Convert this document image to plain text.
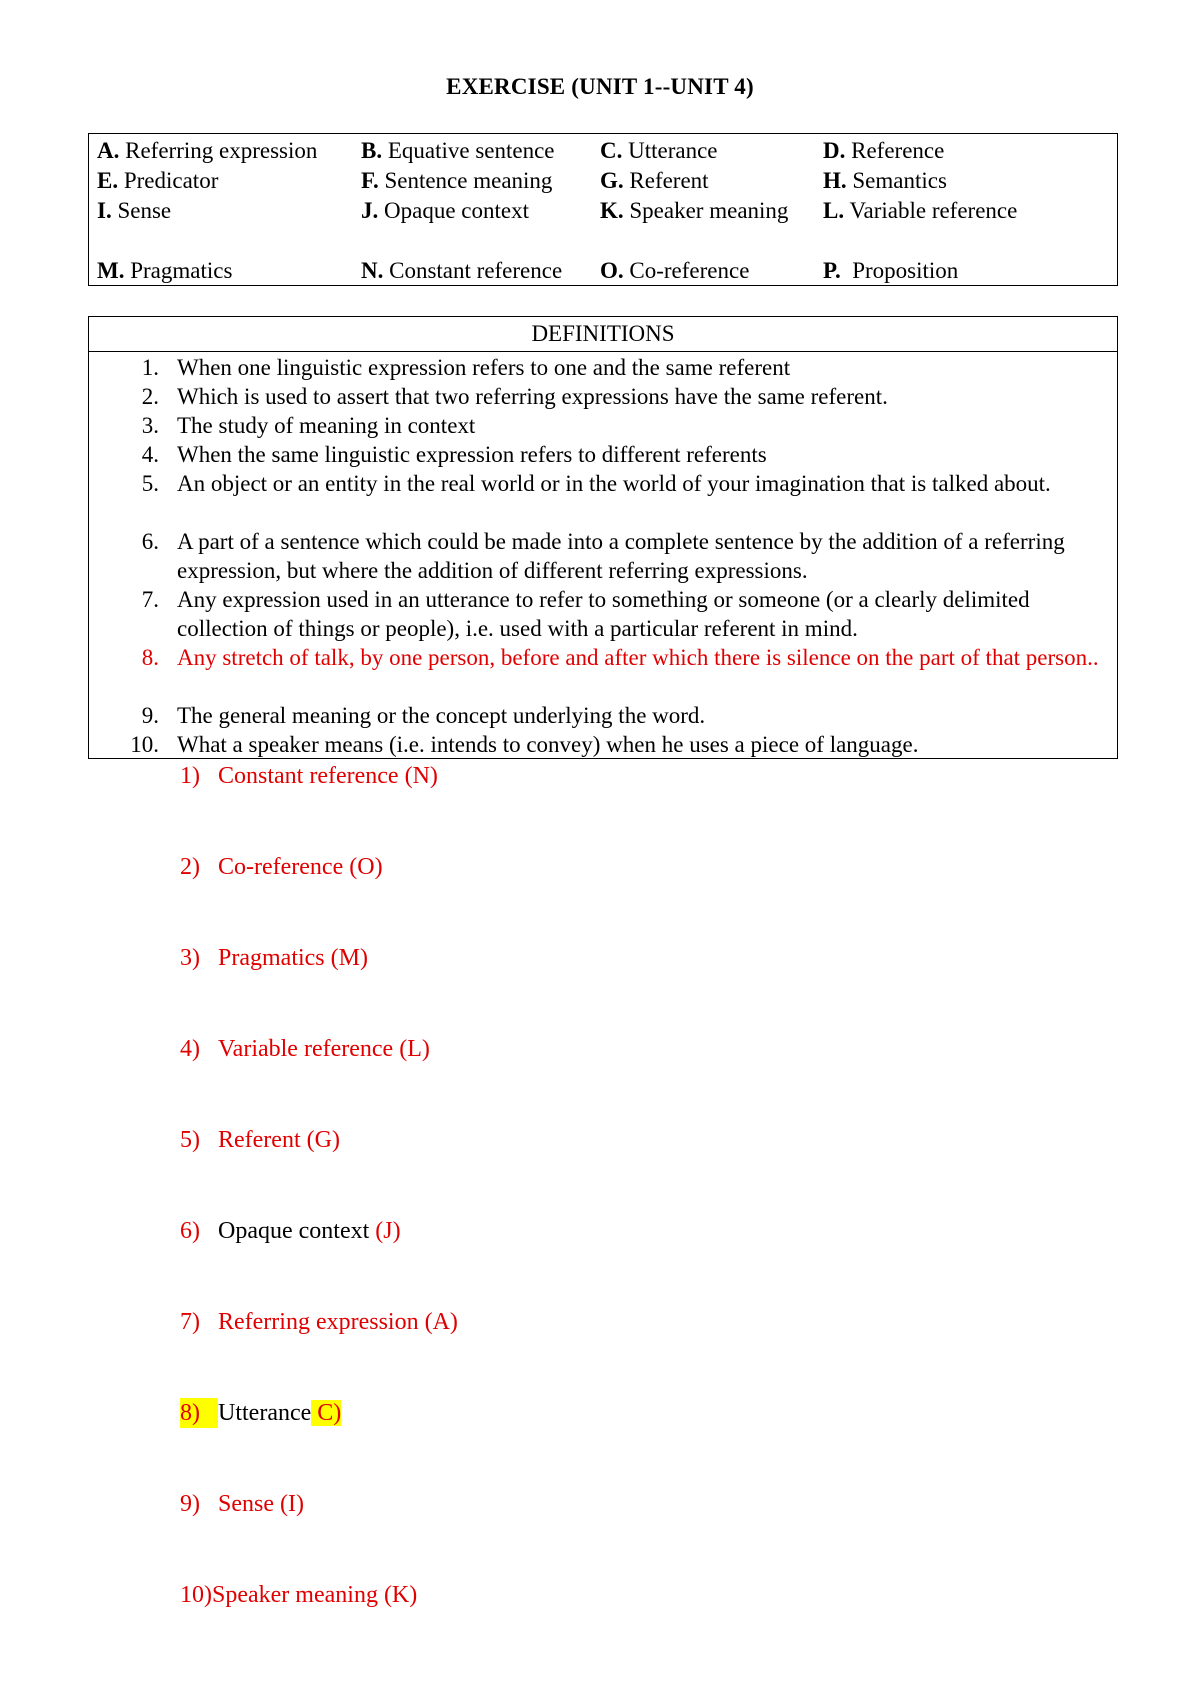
EXERCISE (UNIT 1--UNIT 4)
A. Referring expression B. Equative sentence C. Utterance	D. Reference
E. Predicator	F. Sentence meaning G. Referent	H. Semantics
I. Sense	J. Opaque context	K. Speaker meaning L. Variable reference
M. Pragmatics	N. Constant reference O. Co-reference	P. Proposition
DEFINITIONS
1. When one linguistic expression refers to one and the same referent
2. Which is used to assert that two referring expressions have the same referent.
3. The study of meaning in context
4. When the same linguistic expression refers to different referents
5. An object or an entity in the real world or in the world of your imagination that is talked about.
6. A part of a sentence which could be made into a complete sentence by the addition of a referring expression, but where the addition of different referring expressions.
7. Any expression used in an utterance to refer to something or someone (or a clearly delimited collection of things or people), i.e. used with a particular referent in mind.
8. Any stretch of talk, by one person, before and after which there is silence on the part of that person..
9. The general meaning or the concept underlying the word.
10. What a speaker means (i.e. intends to convey) when he uses a piece of language.
1) Constant reference (N)
2) Co-reference (O)
3) Pragmatics (M)
4) Variable reference (L)
5) Referent (G)
6) Opaque context (J)
7) Referring expression (A)
8) Utterance C)
9) Sense (I)
10)Speaker meaning (K)
